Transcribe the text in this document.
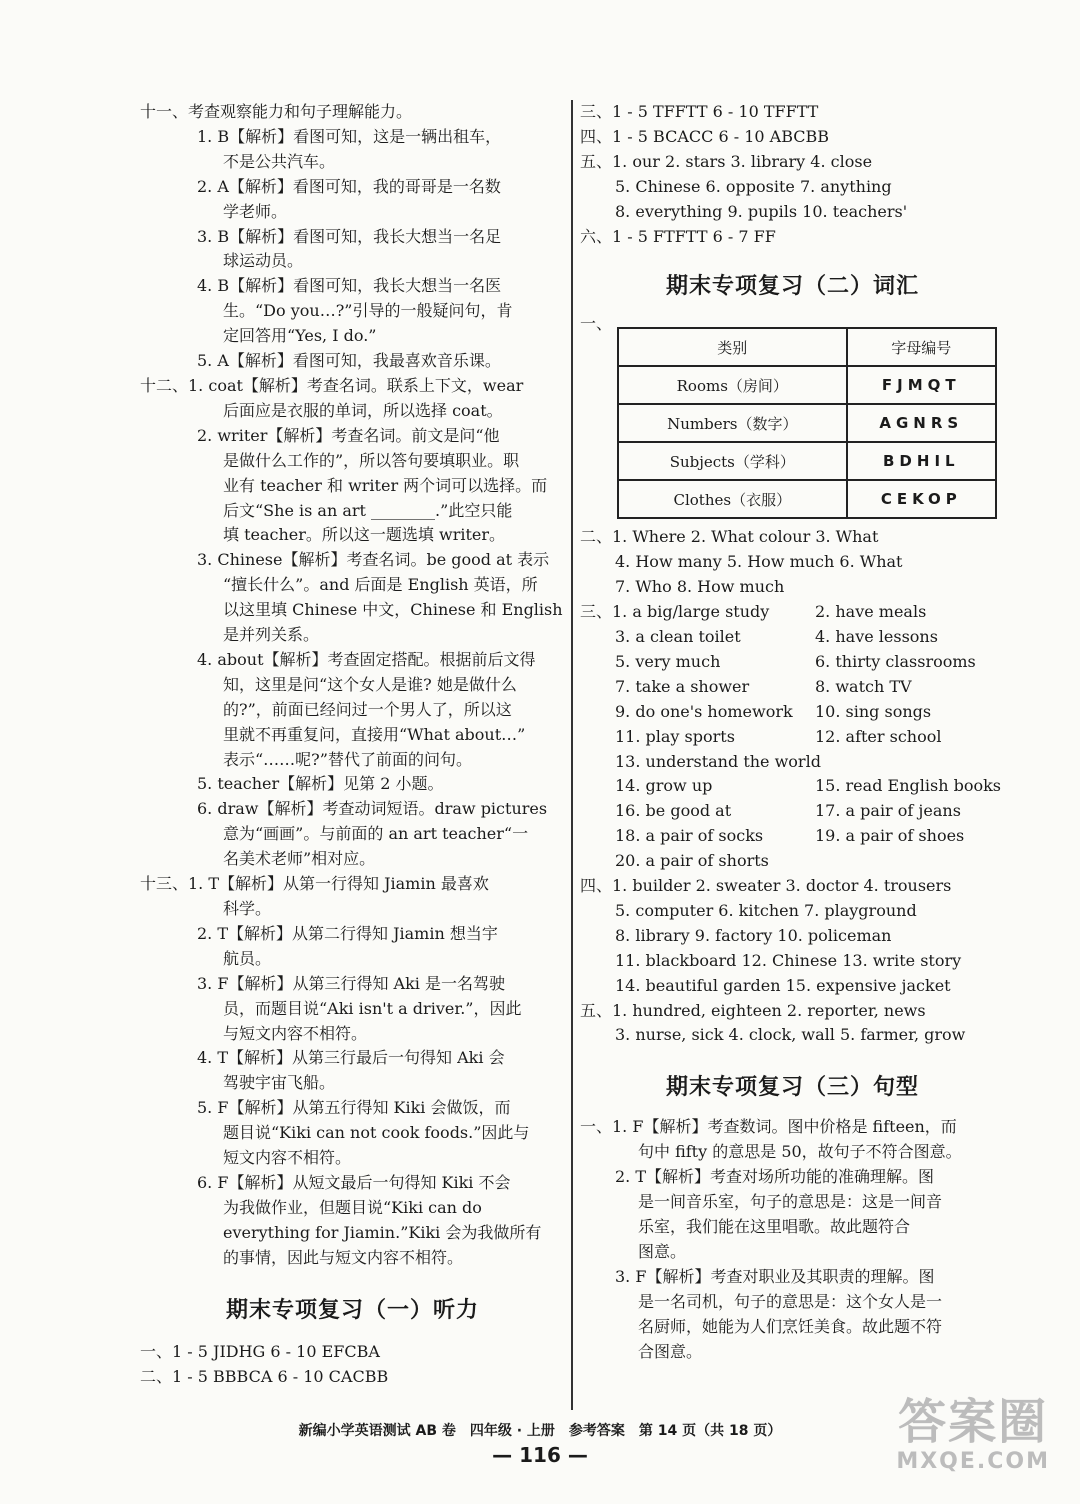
十一、考查观察能力和句子理解能力。
1. B【解析】看图可知，这是一辆出租车，
不是公共汽车。
2. A【解析】看图可知，我的哥哥是一名数
学老师。
3. B【解析】看图可知，我长大想当一名足
球运动员。
4. B【解析】看图可知，我长大想当一名医
生。“Do you…?”引导的一般疑问句，肯
定回答用“Yes, I do.”
5. A【解析】看图可知，我最喜欢音乐课。
十二、1. coat【解析】考查名词。联系上下文，wear
后面应是衣服的单词，所以选择 coat。
2. writer【解析】考查名词。前文是问“他
是做什么工作的”，所以答句要填职业。职
业有 teacher 和 writer 两个词可以选择。而
后文“She is an art ________.”此空只能
填 teacher。所以这一题选填 writer。
3. Chinese【解析】考查名词。be good at 表示
“擅长什么”。and 后面是 English 英语，所
以这里填 Chinese 中文，Chinese 和 English
是并列关系。
4. about【解析】考查固定搭配。根据前后文得
知，这里是问“这个女人是谁? 她是做什么
的?”，前面已经问过一个男人了，所以这
里就不再重复问，直接用“What about…”
表示“……呢?”替代了前面的问句。
5. teacher【解析】见第 2 小题。
6. draw【解析】考查动词短语。draw pictures
意为“画画”。与前面的 an art teacher“一
名美术老师”相对应。
十三、1. T【解析】从第一行得知 Jiamin 最喜欢
科学。
2. T【解析】从第二行得知 Jiamin 想当宇
航员。
3. F【解析】从第三行得知 Aki 是一名驾驶
员，而题目说“Aki isn't a driver.”，因此
与短文内容不相符。
4. T【解析】从第三行最后一句得知 Aki 会
驾驶宇宙飞船。
5. F【解析】从第五行得知 Kiki 会做饭，而
题目说“Kiki can not cook foods.”因此与
短文内容不相符。
6. F【解析】从短文最后一句得知 Kiki 不会
为我做作业，但题目说“Kiki can do
everything for Jiamin.”Kiki 会为我做所有
的事情，因此与短文内容不相符。
期末专项复习（一）听力
一、1 - 5 JIDHG 6 - 10 EFCBA
二、1 - 5 BBBCA 6 - 10 CACBB
三、1 - 5 TFFTT 6 - 10 TFFTT
四、1 - 5 BCACC 6 - 10 ABCBB
五、1. our 2. stars 3. library 4. close
5. Chinese 6. opposite 7. anything
8. everything 9. pupils 10. teachers'
六、1 - 5 FTFTT 6 - 7 FF
期末专项复习（二）词汇
一、
类别	字母编号
Rooms（房间）	FJMQT
Numbers（数字）	AGNRS
Subjects（学科）	BDHIL
Clothes（衣服）	CEKOP
二、1. Where 2. What colour 3. What
4. How many 5. How much 6. What
7. Who 8. How much
三、1. a big/large study	2. have meals
3. a clean toilet	4. have lessons
5. very much	6. thirty classrooms
7. take a shower	8. watch TV
9. do one's homework	10. sing songs
11. play sports	12. after school
13. understand the world
14. grow up	15. read English books
16. be good at	17. a pair of jeans
18. a pair of socks	19. a pair of shoes
20. a pair of shorts
四、1. builder 2. sweater 3. doctor 4. trousers
5. computer 6. kitchen 7. playground
8. library 9. factory 10. policeman
11. blackboard 12. Chinese 13. write story
14. beautiful garden 15. expensive jacket
五、1. hundred, eighteen 2. reporter, news
3. nurse, sick 4. clock, wall 5. farmer, grow
期末专项复习（三）句型
一、1. F【解析】考查数词。图中价格是 fifteen，而
句中 fifty 的意思是 50，故句子不符合图意。
2. T【解析】考查对场所功能的准确理解。图
是一间音乐室，句子的意思是：这是一间音
乐室，我们能在这里唱歌。故此题符合
图意。
3. F【解析】考查对职业及其职责的理解。图
是一名司机，句子的意思是：这个女人是一
名厨师，她能为人们烹饪美食。故此题不符
合图意。
新编小学英语测试 AB 卷　四年级 · 上册　参考答案　第 14 页（共 18 页）
— 116 —
答案圈
MXQE.COM
